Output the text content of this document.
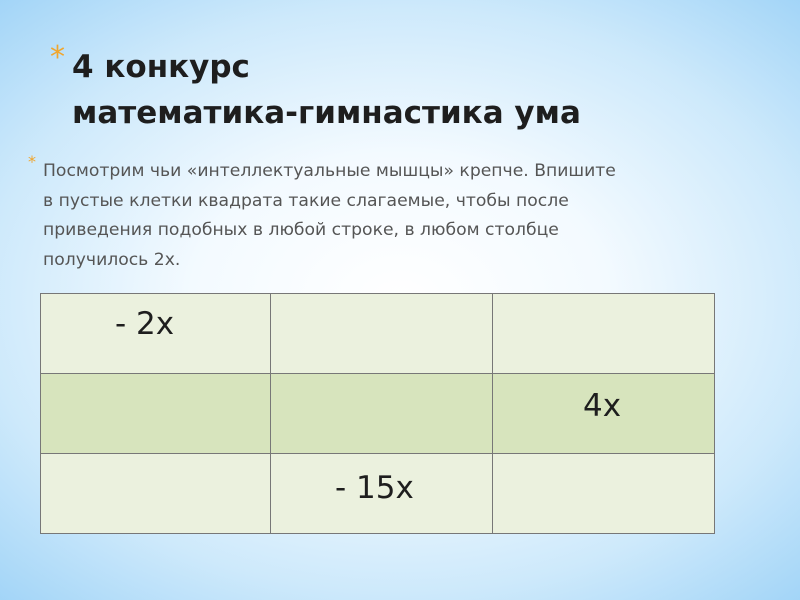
* 4 конкурс
математика-гимнастика ума
* Посмотрим чьи «интеллектуальные мышцы» крепче. Впишите
в пустые клетки квадрата такие слагаемые, чтобы после
приведения подобных в любой строке, в любом столбце
получилось 2х.
- 2х		

		4х

	- 15х	
